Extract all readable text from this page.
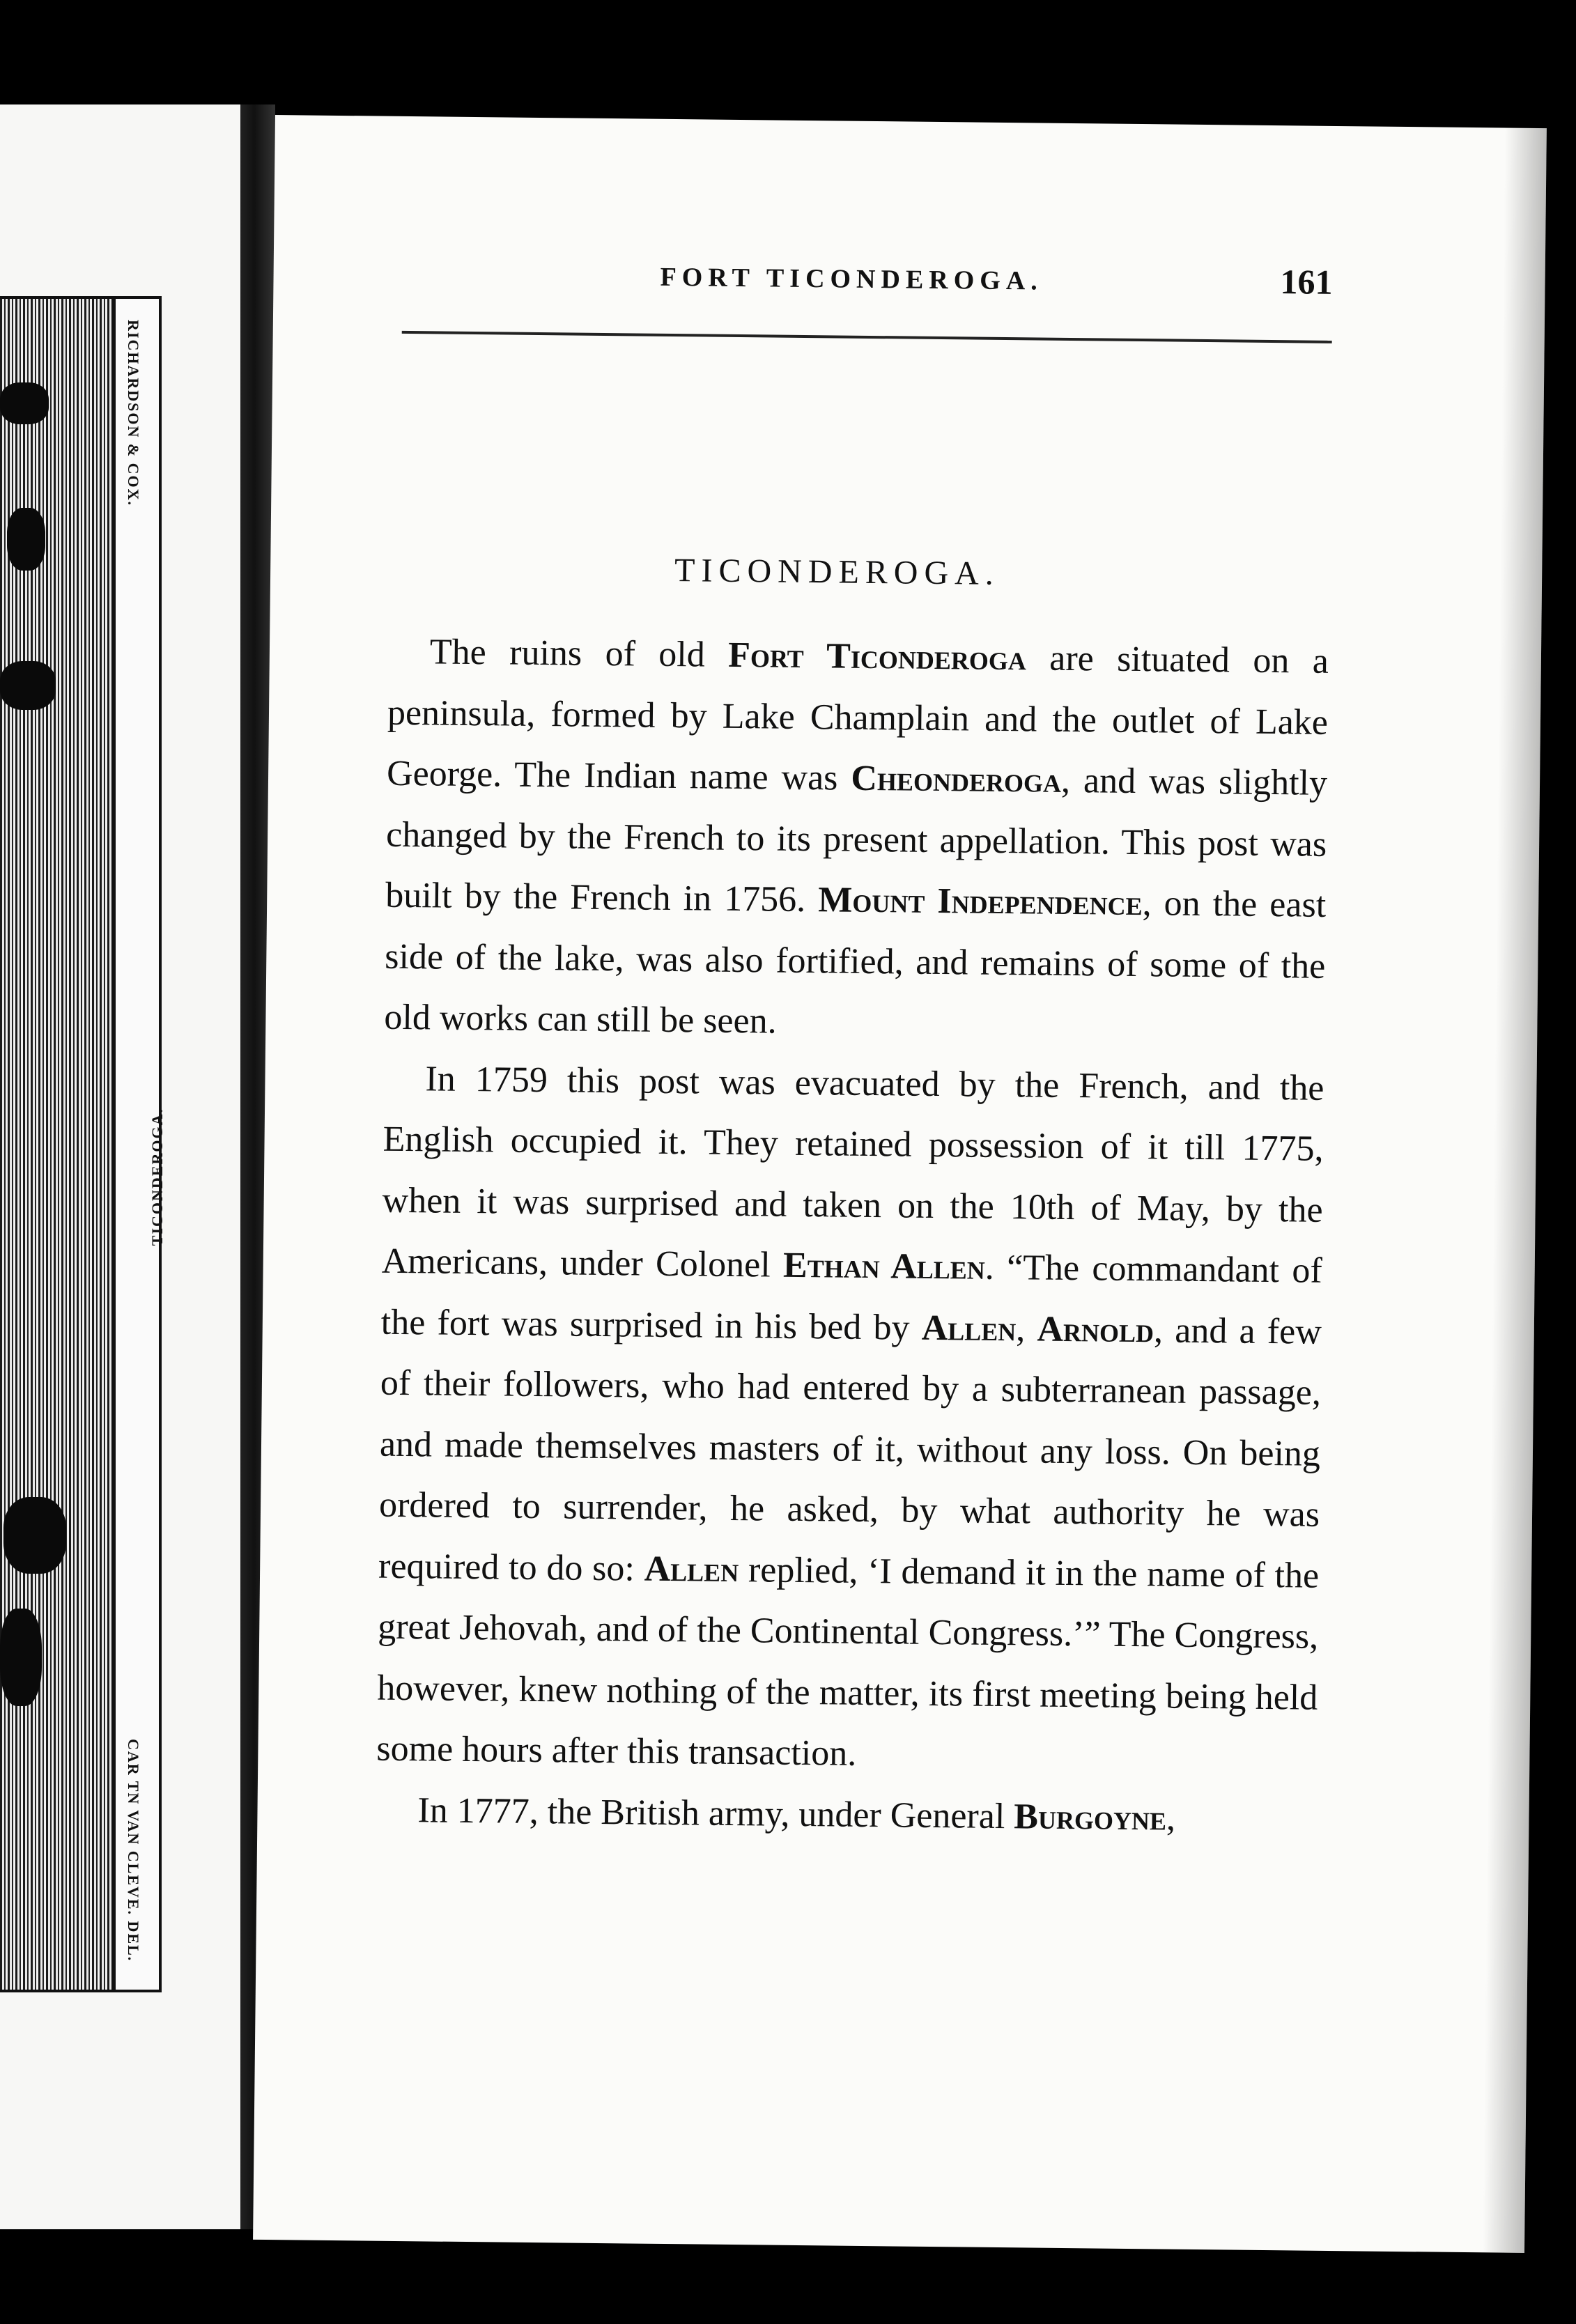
RICHARDSON & COX.
CAR TN VAN CLEVE. DEL.
TICONDEROGA.
FORT TICONDEROGA.	161
TICONDEROGA.

The ruins of old Fort Ticonderoga are situated on a peninsula, formed by Lake Champlain and the outlet of Lake George. The Indian name was Cheonderoga, and was slightly changed by the French to its present appellation. This post was built by the French in 1756. Mount Independence, on the east side of the lake, was also fortified, and remains of some of the old works can still be seen.

In 1759 this post was evacuated by the French, and the English occupied it. They retained possession of it till 1775, when it was surprised and taken on the 10th of May, by the Americans, under Colonel Ethan Allen. “The commandant of the fort was surprised in his bed by Allen, Arnold, and a few of their followers, who had entered by a subterranean passage, and made themselves masters of it, without any loss. On being ordered to surrender, he asked, by what authority he was required to do so: Allen replied, ‘I demand it in the name of the great Jehovah, and of the Continental Congress.’” The Congress, however, knew nothing of the matter, its first meeting being held some hours after this transaction.

In 1777, the British army, under General Burgoyne,
